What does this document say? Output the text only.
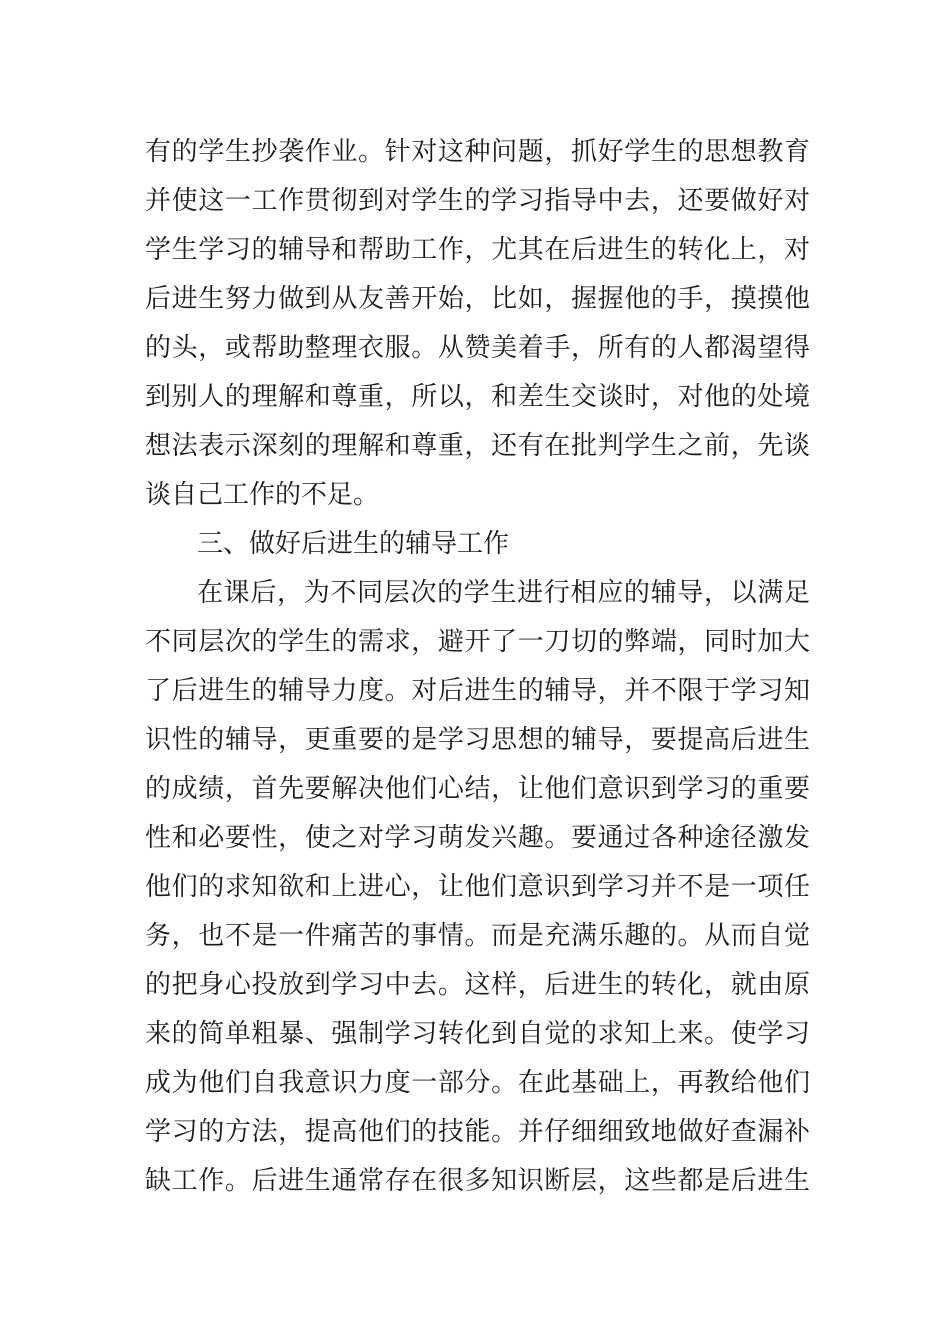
有的学生抄袭作业。针对这种问题，抓好学生的思想教育
并使这一工作贯彻到对学生的学习指导中去，还要做好对
学生学习的辅导和帮助工作，尤其在后进生的转化上，对
后进生努力做到从友善开始，比如，握握他的手，摸摸他
的头，或帮助整理衣服。从赞美着手，所有的人都渴望得
到别人的理解和尊重，所以，和差生交谈时，对他的处境
想法表示深刻的理解和尊重，还有在批判学生之前，先谈
谈自己工作的不足。
三、做好后进生的辅导工作
在课后，为不同层次的学生进行相应的辅导，以满足
不同层次的学生的需求，避开了一刀切的弊端，同时加大
了后进生的辅导力度。对后进生的辅导，并不限于学习知
识性的辅导，更重要的是学习思想的辅导，要提高后进生
的成绩，首先要解决他们心结，让他们意识到学习的重要
性和必要性，使之对学习萌发兴趣。要通过各种途径激发
他们的求知欲和上进心，让他们意识到学习并不是一项任
务，也不是一件痛苦的事情。而是充满乐趣的。从而自觉
的把身心投放到学习中去。这样，后进生的转化，就由原
来的简单粗暴、强制学习转化到自觉的求知上来。使学习
成为他们自我意识力度一部分。在此基础上，再教给他们
学习的方法，提高他们的技能。并仔细细致地做好查漏补
缺工作。后进生通常存在很多知识断层，这些都是后进生
